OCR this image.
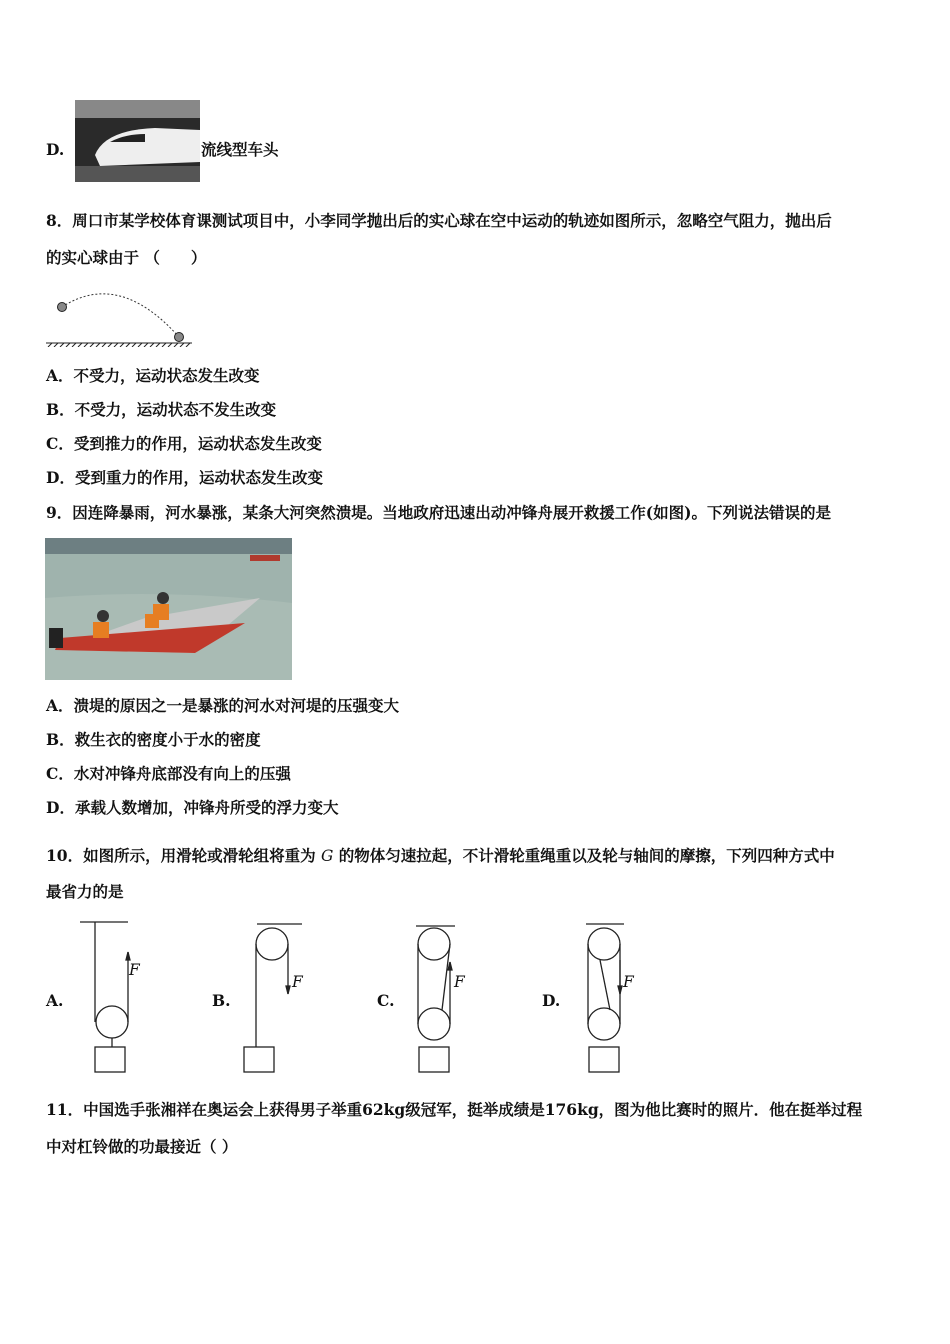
D.	流线型车头
8．周口市某学校体育课测试项目中，小李同学抛出后的实心球在空中运动的轨迹如图所示，忽略空气阻力，抛出后
的实心球由于 （　　）
A．不受力，运动状态发生改变
B．不受力，运动状态不发生改变
C．受到推力的作用，运动状态发生改变
D．受到重力的作用，运动状态发生改变
9．因连降暴雨，河水暴涨，某条大河突然溃堤。当地政府迅速出动冲锋舟展开救援工作(如图)。下列说法错误的是
A．溃堤的原因之一是暴涨的河水对河堤的压强变大
B．救生衣的密度小于水的密度
C．水对冲锋舟底部没有向上的压强
D．承载人数增加，冲锋舟所受的浮力变大
10．如图所示，用滑轮或滑轮组将重为 G 的物体匀速拉起，不计滑轮重绳重以及轮与轴间的摩擦，下列四种方式中
最省力的是
A.	B.	C.	D.
F
F	F	F
11．中国选手张湘祥在奥运会上获得男子举重62kg级冠军，挺举成绩是176kg，图为他比赛时的照片．他在挺举过程
中对杠铃做的功最接近（ ）
